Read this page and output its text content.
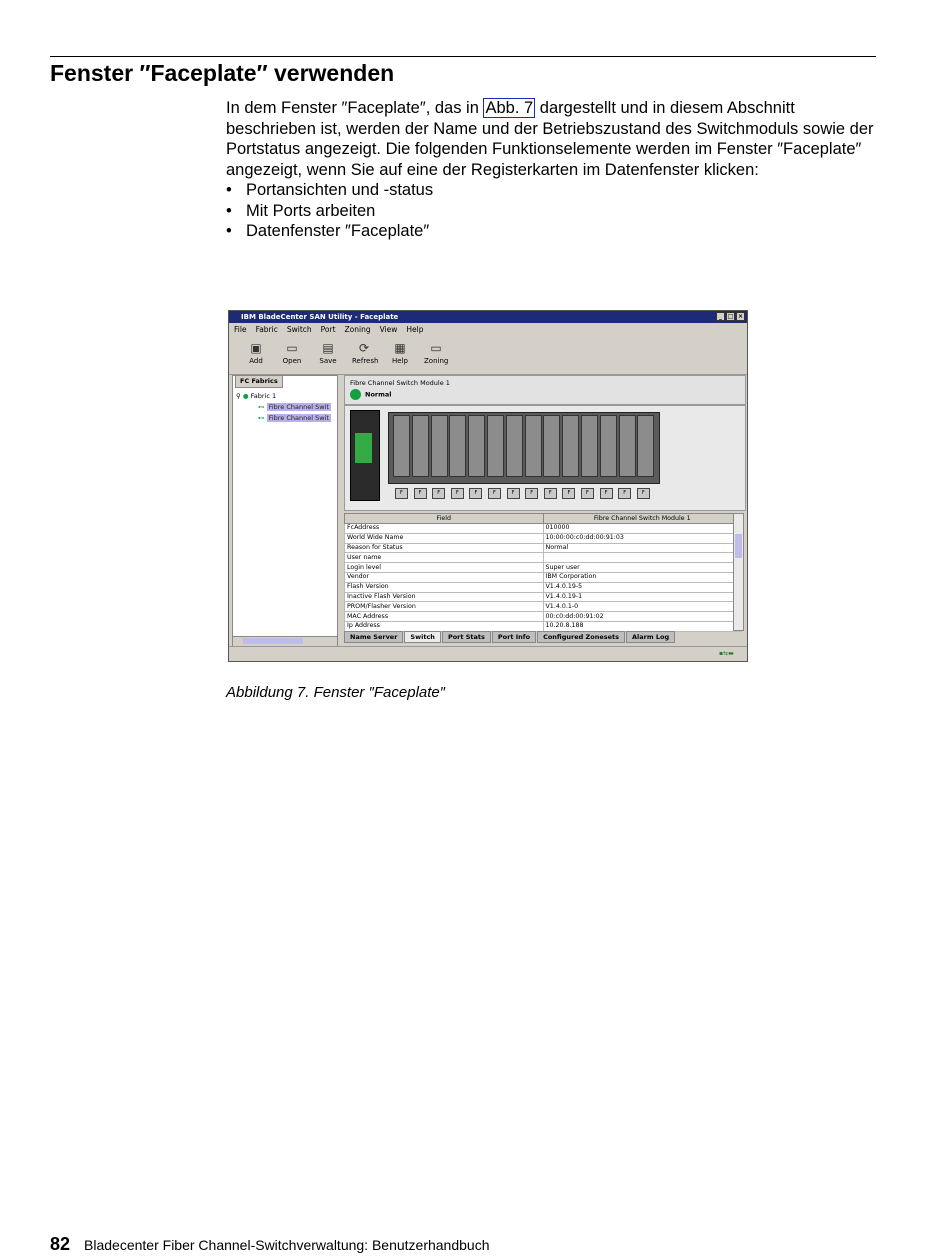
Fenster ″Faceplate″ verwenden

In dem Fenster ″Faceplate″, das in Abb. 7 dargestellt und in diesem Abschnitt beschrieben ist, werden der Name und der Betriebszustand des Switchmoduls sowie der Portstatus angezeigt. Die folgenden Funktionselemente werden im Fenster ″Faceplate″ angezeigt, wenn Sie auf eine der Registerkarten im Datenfenster klicken:

• Portansichten und -status
• Mit Ports arbeiten
• Datenfenster ″Faceplate″
IBM BladeCenter SAN Utility - Faceplate	_ □ ×
File Fabric Switch Port Zoning View Help
▣
Add
▭
Open
▤
Save
⟳
Refresh
▦
Help
▭
Zoning
FC Fabrics
⚲ ● Fabric 1
⊷ Fibre Channel Swit
⊷ Fibre Channel Swit
Fibre Channel Switch Module 1
Normal
F	F	F	F	F	F	F	F	F	F	F	F	F	F
Field	Fibre Channel Switch Module 1
FcAddress	010000
World Wide Name	10:00:00:c0:dd:00:91:03
Reason for Status	Normal
User name	
Login level	Super user
Vendor	IBM Corporation
Flash Version	V1.4.0.19-5
Inactive Flash Version	V1.4.0.19-1
PROM/Flasher Version	V1.4.0.1-0
MAC Address	00:c0:dd:00:91:02
Ip Address	10.20.8.188
Name Server	Switch	Port Stats	Port Info	Configured Zonesets	Alarm Log
▪⇆▬
Abbildung 7. Fenster ″Faceplate″
82 Bladecenter Fiber Channel-Switchverwaltung: Benutzerhandbuch
